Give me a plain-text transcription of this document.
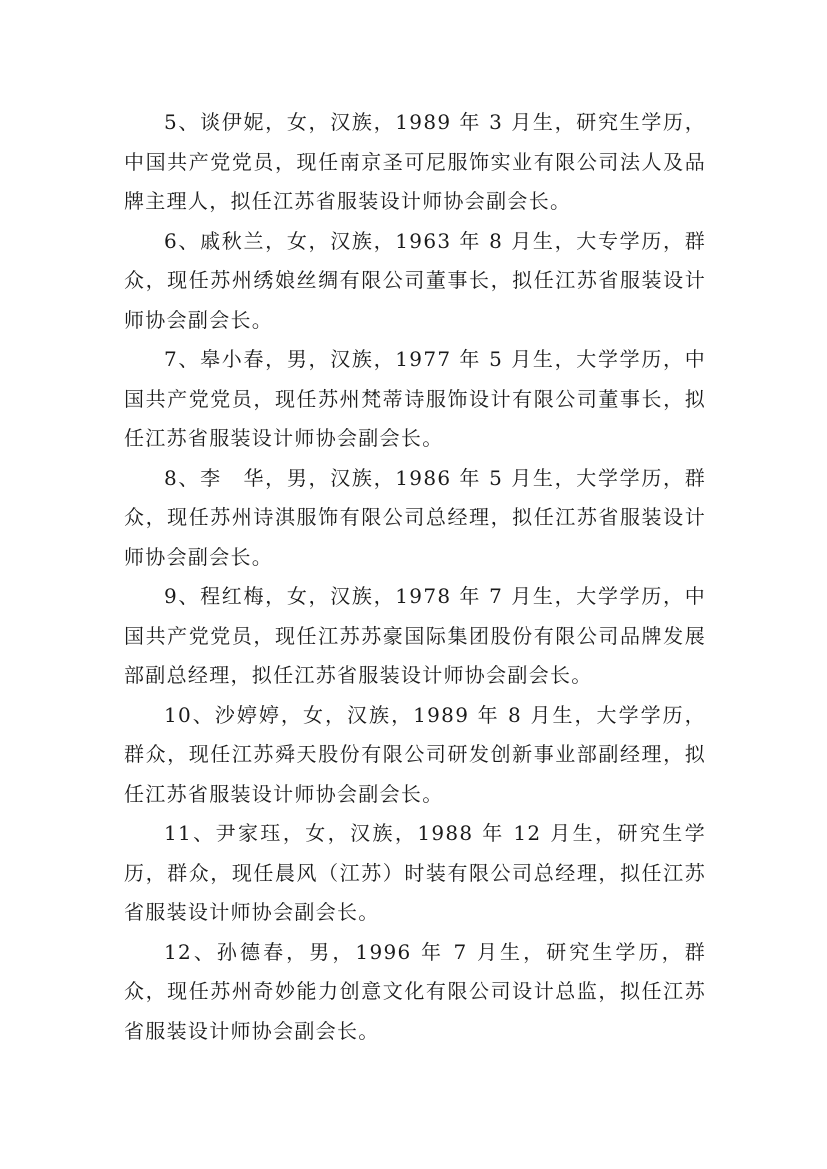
5、谈伊妮，女，汉族，1989 年 3 月生，研究生学历，中国共产党党员，现任南京圣可尼服饰实业有限公司法人及品牌主理人，拟任江苏省服装设计师协会副会长。

6、戚秋兰，女，汉族，1963 年 8 月生，大专学历，群众，现任苏州绣娘丝绸有限公司董事长，拟任江苏省服装设计师协会副会长。

7、皋小春，男，汉族，1977 年 5 月生，大学学历，中国共产党党员，现任苏州梵蒂诗服饰设计有限公司董事长，拟任江苏省服装设计师协会副会长。

8、李　华，男，汉族，1986 年 5 月生，大学学历，群众，现任苏州诗淇服饰有限公司总经理，拟任江苏省服装设计师协会副会长。

9、程红梅，女，汉族，1978 年 7 月生，大学学历，中国共产党党员，现任江苏苏豪国际集团股份有限公司品牌发展部副总经理，拟任江苏省服装设计师协会副会长。

10、沙婷婷，女，汉族，1989 年 8 月生，大学学历，群众，现任江苏舜天股份有限公司研发创新事业部副经理，拟任江苏省服装设计师协会副会长。

11、尹家珏，女，汉族，1988 年 12 月生，研究生学历，群众，现任晨风（江苏）时装有限公司总经理，拟任江苏省服装设计师协会副会长。

12、孙德春，男，1996 年 7 月生，研究生学历，群众，现任苏州奇妙能力创意文化有限公司设计总监，拟任江苏省服装设计师协会副会长。
